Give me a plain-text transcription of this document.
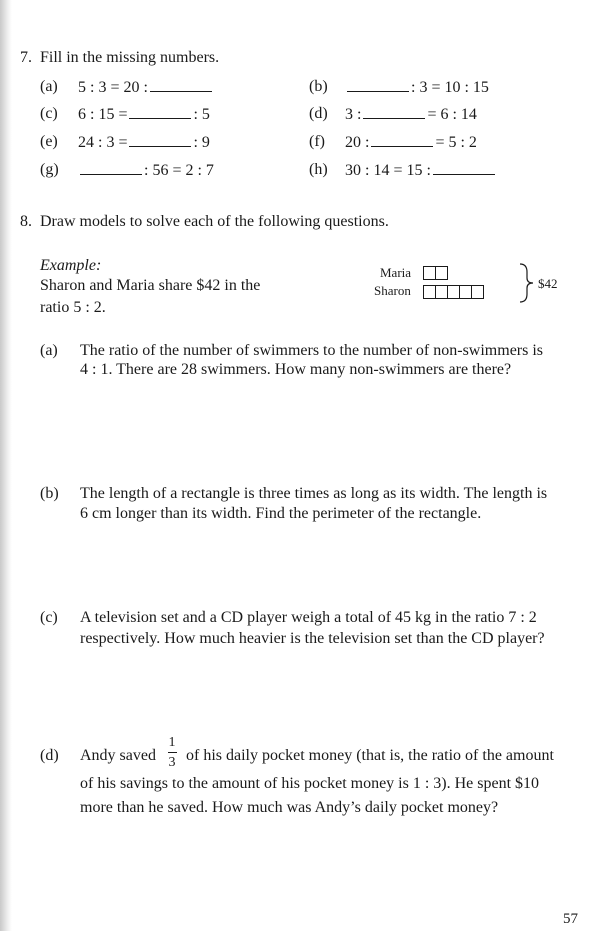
7. Fill in the missing numbers.
(a) 5 : 3 = 20 :	(b)	: 3 = 10 : 15
(c) 6 : 15 =	: 5	(d) 3 :	= 6 : 14
(e) 24 : 3 =	: 9	(f) 20 :	= 5 : 2
(g)	: 56 = 2 : 7	(h) 30 : 14 = 15 :
8. Draw models to solve each of the following questions.
Example:
Sharon and Maria share $42 in the
ratio 5 : 2.
Maria
Sharon	$42
(a) The ratio of the number of swimmers to the number of non-swimmers is
4 : 1. There are 28 swimmers. How many non-swimmers are there?
(b) The length of a rectangle is three times as long as its width. The length is
6 cm longer than its width. Find the perimeter of the rectangle.
(c) A television set and a CD player weigh a total of 45 kg in the ratio 7 : 2
respectively. How much heavier is the television set than the CD player?
(d) Andy saved
1
3 of his daily pocket money (that is, the ratio of the amount
of his savings to the amount of his pocket money is 1 : 3). He spent $10
more than he saved. How much was Andy’s daily pocket money?
57
